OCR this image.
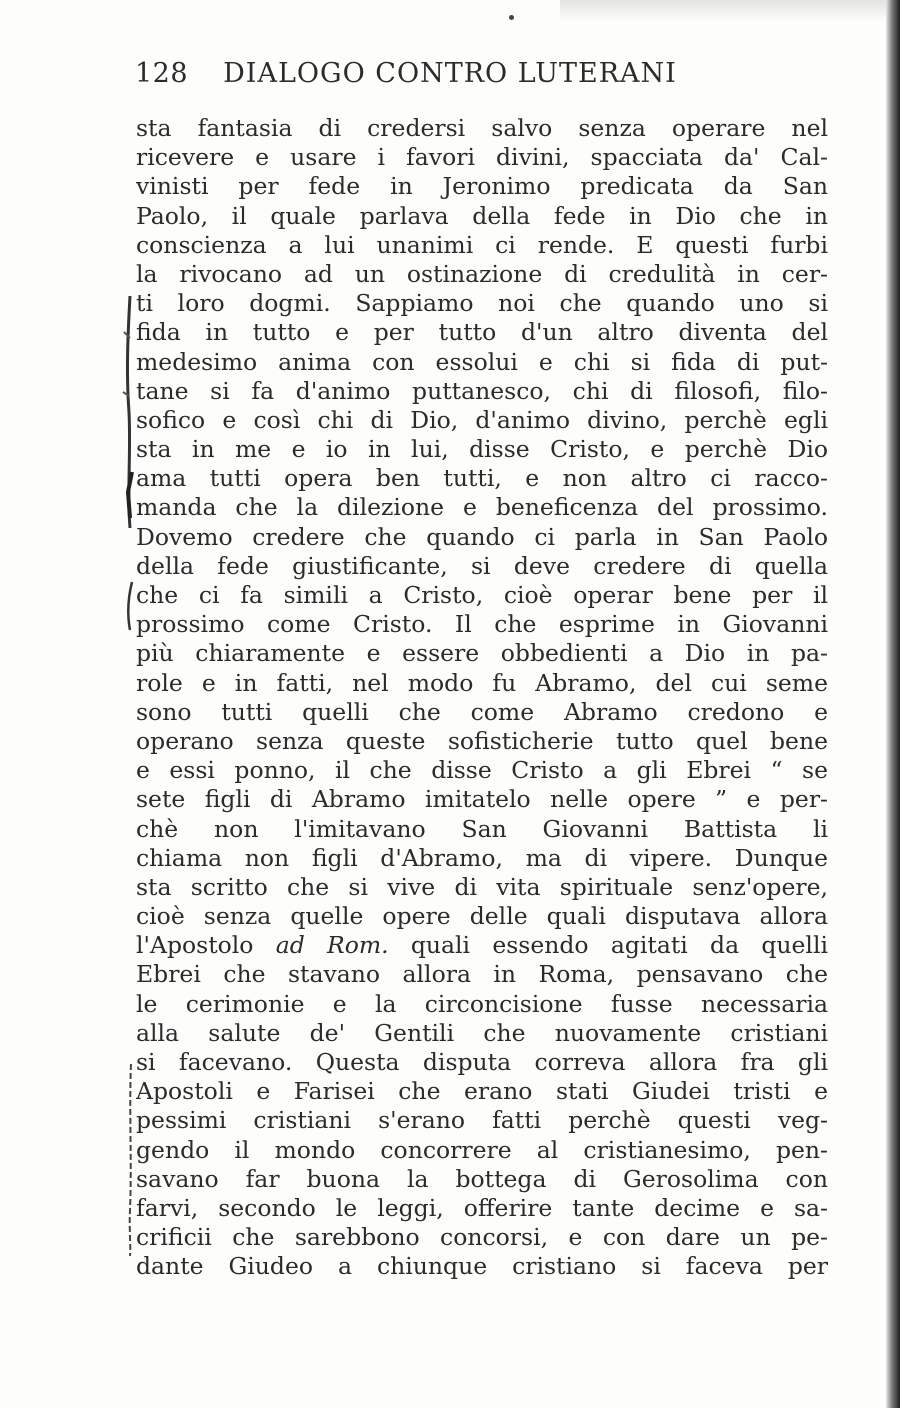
128 DIALOGO CONTRO LUTERANI
sta fantasia di credersi salvo senza operare nel
ricevere e usare i favori divini, spacciata da' Cal-
vinisti per fede in Jeronimo predicata da San
Paolo, il quale parlava della fede in Dio che in
conscienza a lui unanimi ci rende. E questi furbi
la rivocano ad un ostinazione di credulità in cer-
ti loro dogmi. Sappiamo noi che quando uno si
fida in tutto e per tutto d'un altro diventa del
medesimo anima con essolui e chi si fida di put-
tane si fa d'animo puttanesco, chi di filosofi, filo-
sofico e così chi di Dio, d'animo divino, perchè egli
sta in me e io in lui, disse Cristo, e perchè Dio
ama tutti opera ben tutti, e non altro ci racco-
manda che la dilezione e beneficenza del prossimo.
Dovemo credere che quando ci parla in San Paolo
della fede giustificante, si deve credere di quella
che ci fa simili a Cristo, cioè operar bene per il
prossimo come Cristo. Il che esprime in Giovanni
più chiaramente e essere obbedienti a Dio in pa-
role e in fatti, nel modo fu Abramo, del cui seme
sono tutti quelli che come Abramo credono e
operano senza queste sofisticherie tutto quel bene
e essi ponno, il che disse Cristo a gli Ebrei “ se
sete figli di Abramo imitatelo nelle opere ” e per-
chè non l'imitavano San Giovanni Battista li
chiama non figli d'Abramo, ma di vipere. Dunque
sta scritto che si vive di vita spirituale senz'opere,
cioè senza quelle opere delle quali disputava allora
l'Apostolo ad Rom. quali essendo agitati da quelli
Ebrei che stavano allora in Roma, pensavano che
le cerimonie e la circoncisione fusse necessaria
alla salute de' Gentili che nuovamente cristiani
si facevano. Questa disputa correva allora fra gli
Apostoli e Farisei che erano stati Giudei tristi e
pessimi cristiani s'erano fatti perchè questi veg-
gendo il mondo concorrere al cristianesimo, pen-
savano far buona la bottega di Gerosolima con
farvi, secondo le leggi, offerire tante decime e sa-
crificii che sarebbono concorsi, e con dare un pe-
dante Giudeo a chiunque cristiano si faceva per
